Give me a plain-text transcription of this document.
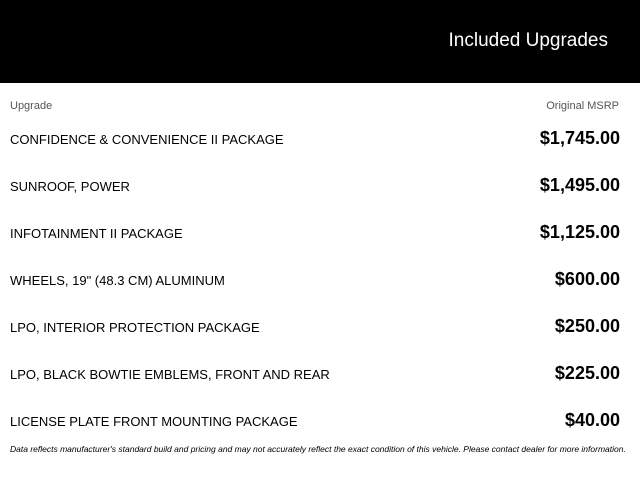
Included Upgrades
Upgrade	Original MSRP
CONFIDENCE & CONVENIENCE II PACKAGE	$1,745.00
SUNROOF, POWER	$1,495.00
INFOTAINMENT II PACKAGE	$1,125.00
WHEELS, 19" (48.3 CM) ALUMINUM	$600.00
LPO, INTERIOR PROTECTION PACKAGE	$250.00
LPO, BLACK BOWTIE EMBLEMS, FRONT AND REAR	$225.00
LICENSE PLATE FRONT MOUNTING PACKAGE	$40.00
Data reflects manufacturer's standard build and pricing and may not accurately reflect the exact condition of this vehicle. Please contact dealer for more information.
